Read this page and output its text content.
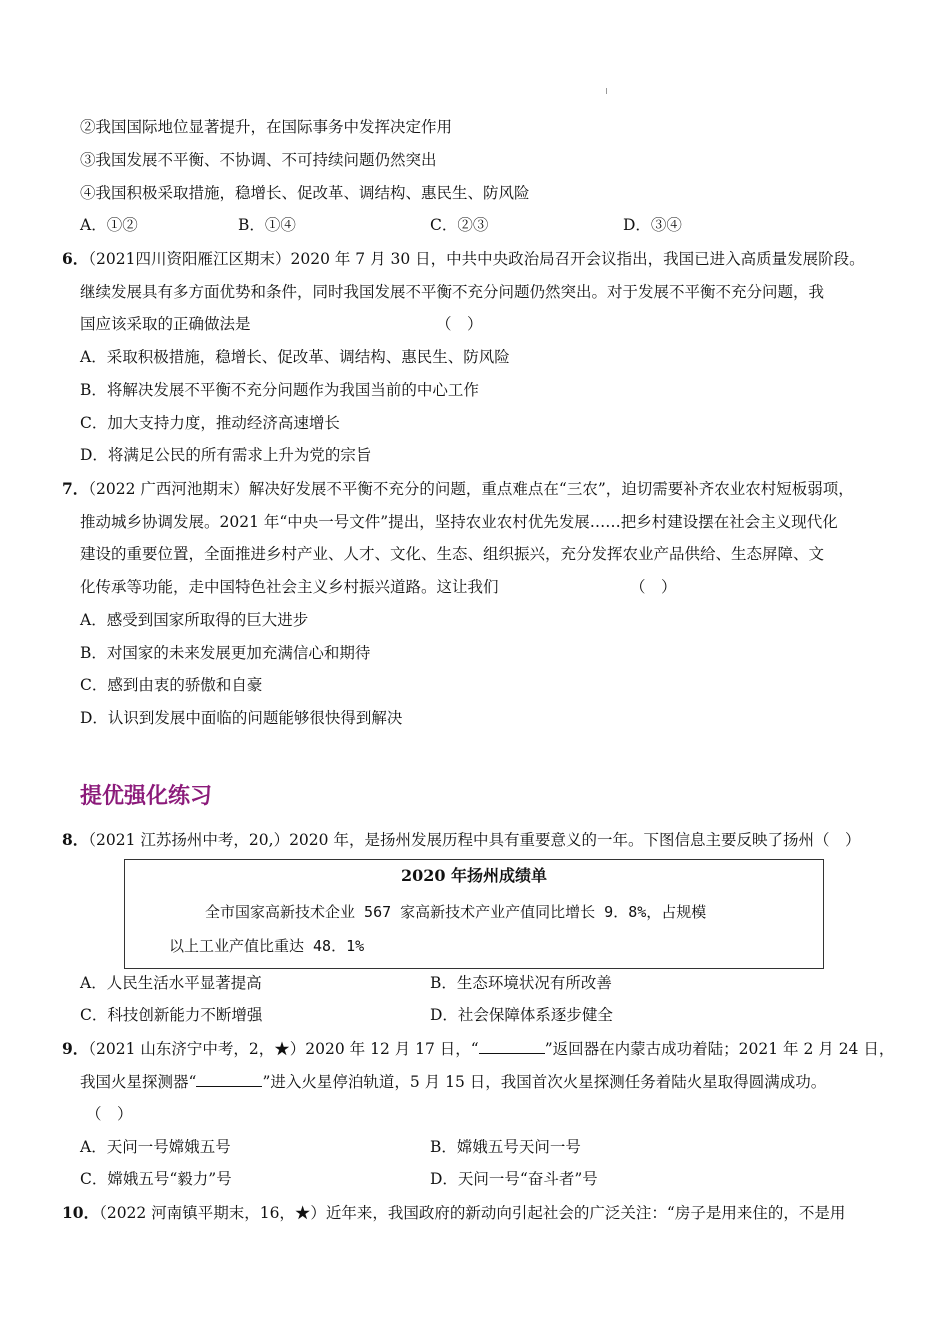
②我国国际地位显著提升，在国际事务中发挥决定作用
③我国发展不平衡、不协调、不可持续问题仍然突出
④我国积极采取措施，稳增长、促改革、调结构、惠民生、防风险
A．①②	B．①④	C．②③	D．③④
6．（2021四川资阳雁江区期末）2020 年 7 月 30 日，中共中央政治局召开会议指出，我国已进入高质量发展阶段。
继续发展具有多方面优势和条件，同时我国发展不平衡不充分问题仍然突出。对于发展不平衡不充分问题，我
国应该采取的正确做法是	（　）
A．采取积极措施，稳增长、促改革、调结构、惠民生、防风险
B．将解决发展不平衡不充分问题作为我国当前的中心工作
C．加大支持力度，推动经济高速增长
D．将满足公民的所有需求上升为党的宗旨
7．（2022 广西河池期末）解决好发展不平衡不充分的问题，重点难点在“三农”，迫切需要补齐农业农村短板弱项，
推动城乡协调发展。2021 年“中央一号文件”提出，坚持农业农村优先发展……把乡村建设摆在社会主义现代化
建设的重要位置，全面推进乡村产业、人才、文化、生态、组织振兴，充分发挥农业产品供给、生态屏障、文
化传承等功能，走中国特色社会主义乡村振兴道路。这让我们	（　）
A．感受到国家所取得的巨大进步
B．对国家的未来发展更加充满信心和期待
C．感到由衷的骄傲和自豪
D．认识到发展中面临的问题能够很快得到解决
提优强化练习
8．（2021 江苏扬州中考，20,）2020 年，是扬州发展历程中具有重要意义的一年。下图信息主要反映了扬州（　）
2020 年扬州成绩单
全市国家高新技术企业 567 家高新技术产业产值同比增长 9．8%，占规模
以上工业产值比重达 48．1%
A．人民生活水平显著提高	B．生态环境状况有所改善
C．科技创新能力不断增强	D．社会保障体系逐步健全
9．（2021 山东济宁中考，2，★）2020 年 12 月 17 日，“	”返回器在内蒙古成功着陆；2021 年 2 月 24 日，
我国火星探测器“	”进入火星停泊轨道，5 月 15 日，我国首次火星探测任务着陆火星取得圆满成功。
（　）
A．天问一号嫦娥五号	B．嫦娥五号天问一号
C．嫦娥五号“毅力”号	D．天问一号“奋斗者”号
10．（2022 河南镇平期末，16，★）近年来，我国政府的新动向引起社会的广泛关注：“房子是用来住的，不是用
